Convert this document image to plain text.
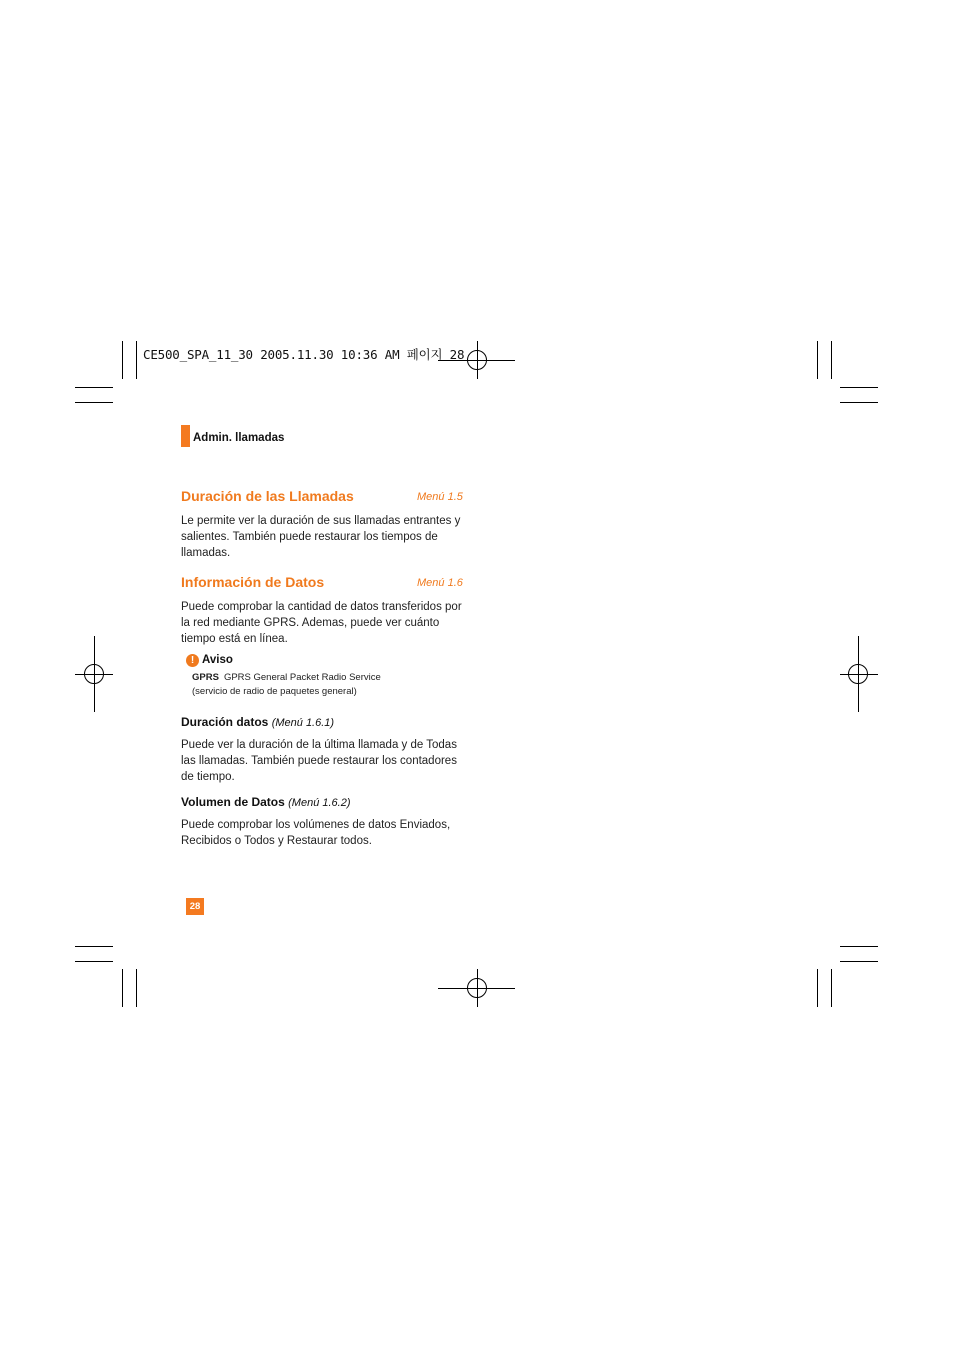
CE500_SPA_11_30 2005.11.30 10:36 AM 페이지 28
Admin. llamadas
Duración de las Llamadas	Menú 1.5

Le permite ver la duración de sus llamadas entrantes y salientes. También puede restaurar los tiempos de llamadas.

Información de Datos	Menú 1.6

Puede comprobar la cantidad de datos transferidos por la red mediante GPRS. Ademas, puede ver cuánto tiempo está en línea.

! Aviso
GPRS GPRS General Packet Radio Service
(servicio de radio de paquetes general)
Duración datos (Menú 1.6.1)

Puede ver la duración de la última llamada y de Todas las llamadas. También puede restaurar los contadores de tiempo.

Volumen de Datos (Menú 1.6.2)

Puede comprobar los volúmenes de datos Enviados, Recibidos o Todos y Restaurar todos.

28
